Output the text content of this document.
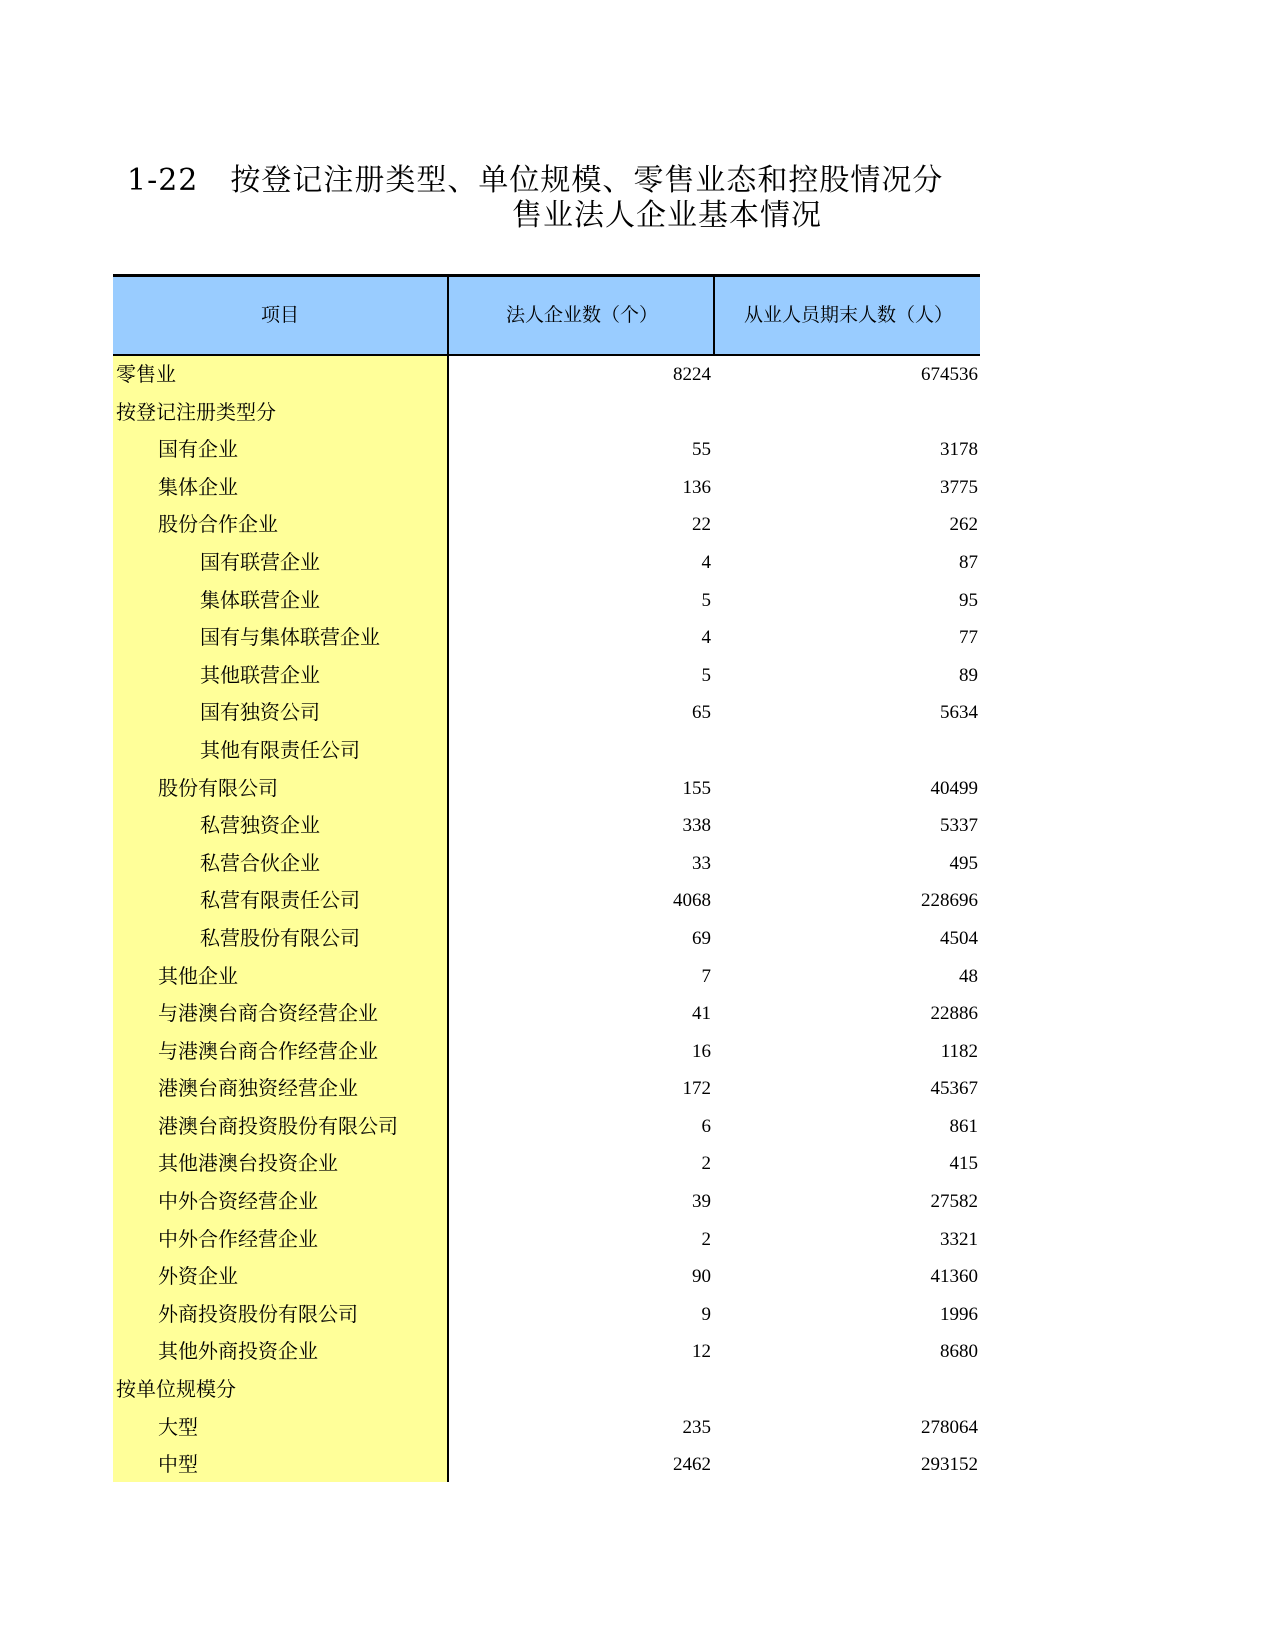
1-22 按登记注册类型、单位规模、零售业态和控股情况分
售业法人企业基本情况
项目	法人企业数（个）	从业人员期末人数（人）
零售业	8224	674536
按登记注册类型分
国有企业	55	3178
集体企业	136	3775
股份合作企业	22	262
国有联营企业	4	87
集体联营企业	5	95
国有与集体联营企业	4	77
其他联营企业	5	89
国有独资公司	65	5634
其他有限责任公司
股份有限公司	155	40499
私营独资企业	338	5337
私营合伙企业	33	495
私营有限责任公司	4068	228696
私营股份有限公司	69	4504
其他企业	7	48
与港澳台商合资经营企业	41	22886
与港澳台商合作经营企业	16	1182
港澳台商独资经营企业	172	45367
港澳台商投资股份有限公司	6	861
其他港澳台投资企业	2	415
中外合资经营企业	39	27582
中外合作经营企业	2	3321
外资企业	90	41360
外商投资股份有限公司	9	1996
其他外商投资企业	12	8680
按单位规模分
大型	235	278064
中型	2462	293152
